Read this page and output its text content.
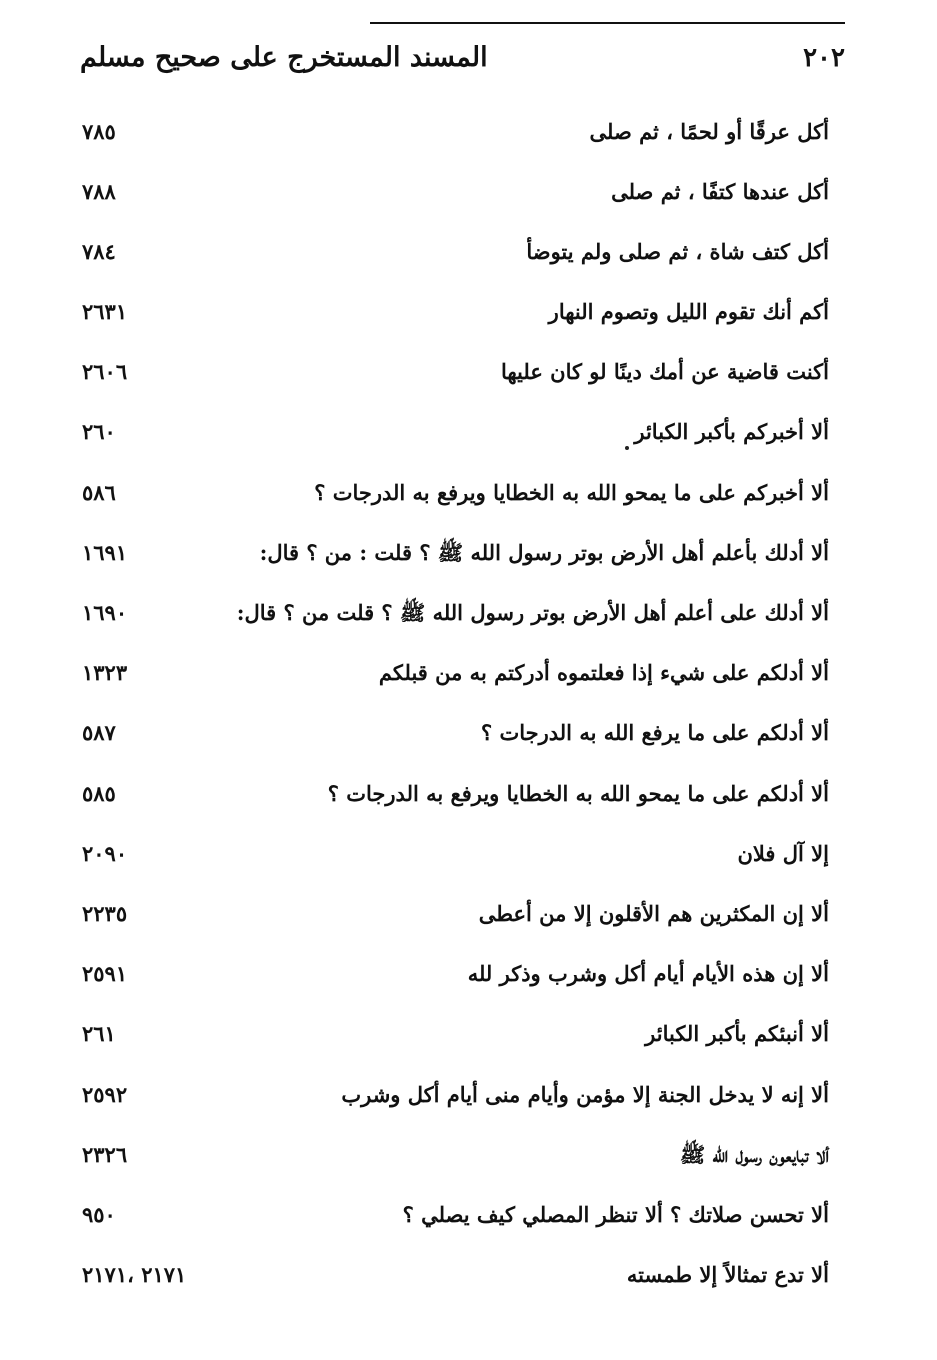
٢٠٢
المسند المستخرج على صحيح مسلم
أكل عرقًا أو لحمًا ، ثم صلى
٧٨٥
أكل عندها كتفًا ، ثم صلى
٧٨٨
أكل كتف شاة ، ثم صلى ولم يتوضأ
٧٨٤
أكم أنك تقوم الليل وتصوم النهار
٢٦٣١
أكنت قاضية عن أمك دينًا لو كان عليها
٢٦٠٦
ألا أخبركم بأكبر الكبائر
٢٦٠
ألا أخبركم على ما يمحو الله به الخطايا ويرفع به الدرجات ؟
٥٨٦
ألا أدلك بأعلم أهل الأرض بوتر رسول الله ﷺ ؟ قلت : من ؟ قال:
١٦٩١
ألا أدلك على أعلم أهل الأرض بوتر رسول الله ﷺ ؟ قلت من ؟ قال:
١٦٩٠
ألا أدلكم على شيء إذا فعلتموه أدركتم به من قبلكم
١٣٢٣
ألا أدلكم على ما يرفع الله به الدرجات ؟
٥٨٧
ألا أدلكم على ما يمحو الله به الخطايا ويرفع به الدرجات ؟
٥٨٥
إلا آل فلان
٢٠٩٠
ألا إن المكثرين هم الأقلون إلا من أعطى
٢٢٣٥
ألا إن هذه الأيام أيام أكل وشرب وذكر لله
٢٥٩١
ألا أنبئكم بأكبر الكبائر
٢٦١
ألا إنه لا يدخل الجنة إلا مؤمن وأيام منى أيام أكل وشرب
٢٥٩٢
ألا تبايعون رسول الله ﷺ
٢٣٢٦
ألا تحسن صلاتك ؟ ألا تنظر المصلي كيف يصلي ؟
٩٥٠
ألا تدع تمثالاً إلا طمسته
٢١٧١ ،٢١٧١
